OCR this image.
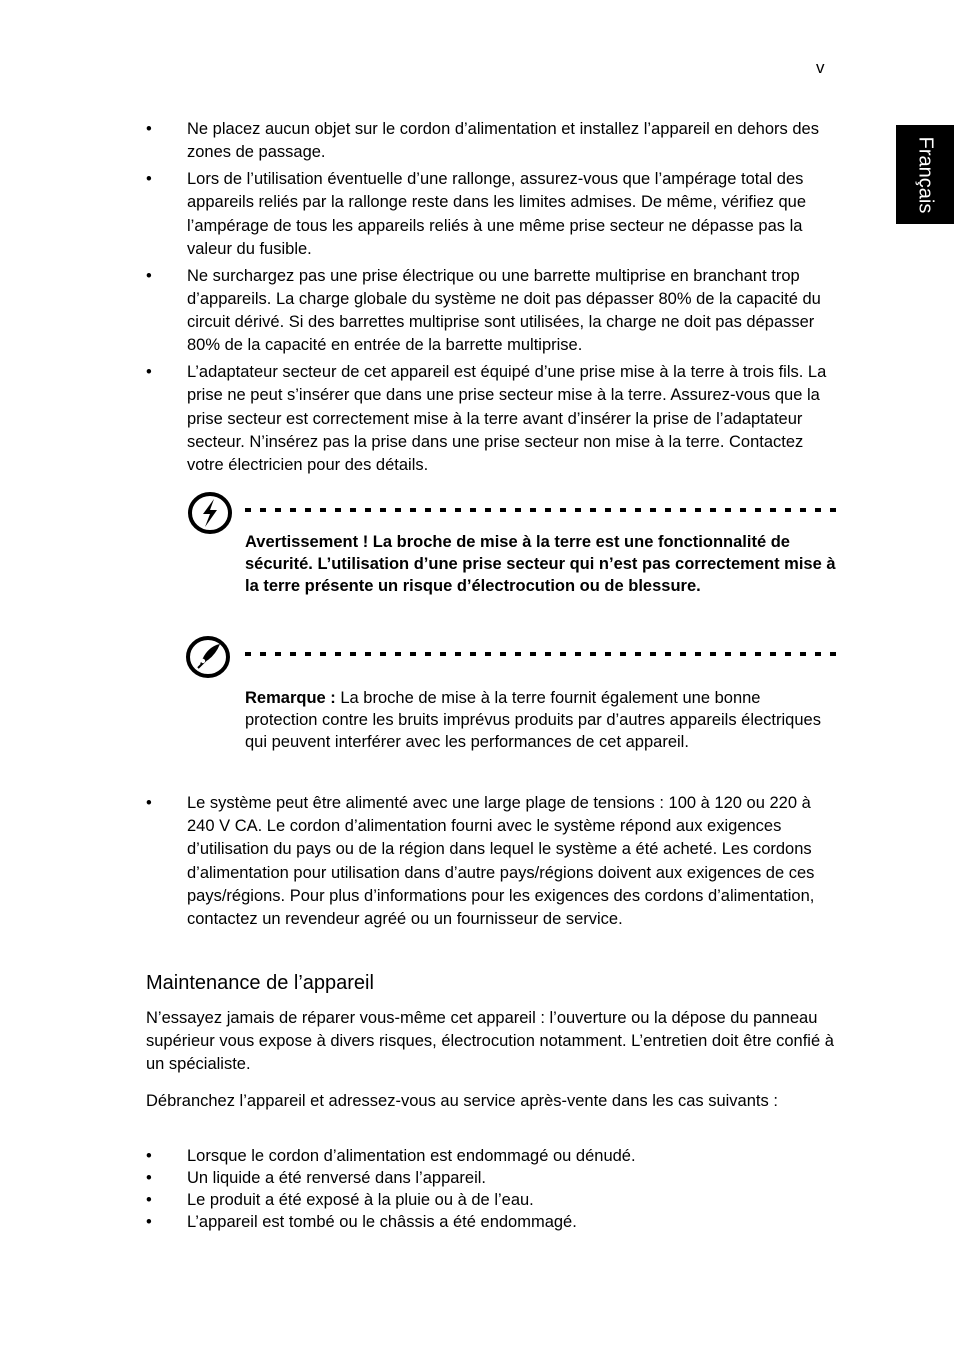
v
Français
• Ne placez aucun objet sur le cordon d’alimentation et installez l’appareil en dehors des zones de passage.
• Lors de l’utilisation éventuelle d’une rallonge, assurez-vous que l’ampérage total des appareils reliés par la rallonge reste dans les limites admises. De même, vérifiez que l’ampérage de tous les appareils reliés à une même prise secteur ne dépasse pas la valeur du fusible.
• Ne surchargez pas une prise électrique ou une barrette multiprise en branchant trop d’appareils. La charge globale du système ne doit pas dépasser 80% de la capacité du circuit dérivé. Si des barrettes multiprise sont utilisées, la charge ne doit pas dépasser 80% de la capacité en entrée de la barrette multiprise.
• L’adaptateur secteur de cet appareil est équipé d’une prise mise à la terre à trois fils. La prise ne peut s’insérer que dans une prise secteur mise à la terre. Assurez-vous que la prise secteur est correctement mise à la terre avant d’insérer la prise de l’adaptateur secteur. N’insérez pas la prise dans une prise secteur non mise à la terre. Contactez votre électricien pour des détails.
Avertissement ! La broche de mise à la terre est une fonctionnalité de sécurité. L’utilisation d’une prise secteur qui n’est pas correctement mise à la terre présente un risque d’électrocution ou de blessure.
Remarque : La broche de mise à la terre fournit également une bonne protection contre les bruits imprévus produits par d’autres appareils électriques qui peuvent interférer avec les performances de cet appareil.
• Le système peut être alimenté avec une large plage de tensions : 100 à 120 ou 220 à 240 V CA. Le cordon d’alimentation fourni avec le système répond aux exigences d’utilisation du pays ou de la région dans lequel le système a été acheté. Les cordons d’alimentation pour utilisation dans d’autre pays/régions doivent aux exigences de ces pays/régions. Pour plus d’informations pour les exigences des cordons d’alimentation, contactez un revendeur agréé ou un fournisseur de service.
Maintenance de l’appareil

N’essayez jamais de réparer vous-même cet appareil : l’ouverture ou la dépose du panneau supérieur vous expose à divers risques, électrocution notamment. L’entretien doit être confié à un spécialiste.

Débranchez l’appareil et adressez-vous au service après-vente dans les cas suivants :

• Lorsque le cordon d’alimentation est endommagé ou dénudé.
• Un liquide a été renversé dans l’appareil.
• Le produit a été exposé à la pluie ou à de l’eau.
• L’appareil est tombé ou le châssis a été endommagé.
